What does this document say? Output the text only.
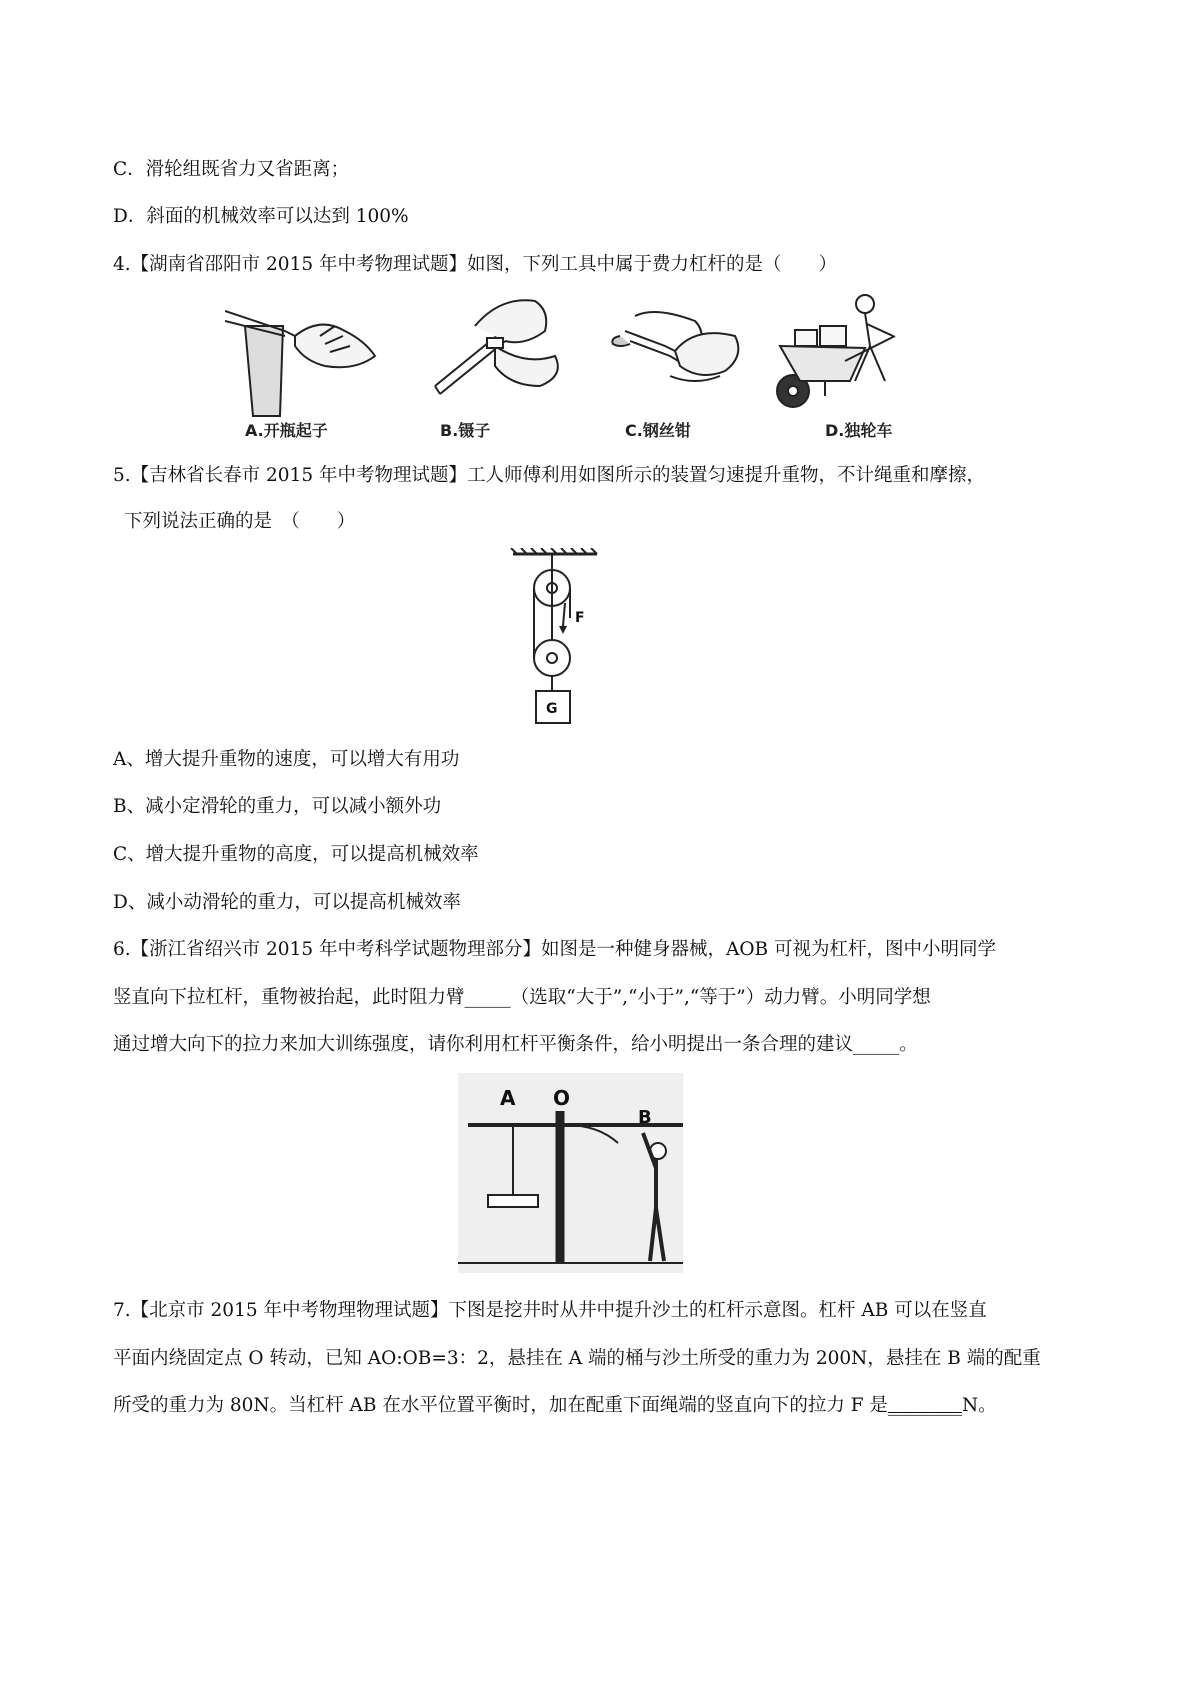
C．滑轮组既省力又省距离；
D．斜面的机械效率可以达到 100%
4.【湖南省邵阳市 2015 年中考物理试题】如图，下列工具中属于费力杠杆的是（　　）
A.开瓶起子	B.镊子	C.钢丝钳	D.独轮车
5.【吉林省长春市 2015 年中考物理试题】工人师傅利用如图所示的装置匀速提升重物，不计绳重和摩擦，
下列说法正确的是　（　　）
F
G
A、增大提升重物的速度，可以增大有用功
B、减小定滑轮的重力，可以减小额外功
C、增大提升重物的高度，可以提高机械效率
D、减小动滑轮的重力，可以提高机械效率
6.【浙江省绍兴市 2015 年中考科学试题物理部分】如图是一种健身器械，AOB 可视为杠杆，图中小明同学
竖直向下拉杠杆，重物被抬起，此时阻力臂_____（选取“大于”,“小于”,“等于”）动力臂。小明同学想
通过增大向下的拉力来加大训练强度，请你利用杠杆平衡条件，给小明提出一条合理的建议_____。
A O
B
7.【北京市 2015 年中考物理物理试题】下图是挖井时从井中提升沙土的杠杆示意图。杠杆 AB 可以在竖直
平面内绕固定点 O 转动，已知 AO:OB=3：2，悬挂在 A 端的桶与沙土所受的重力为 200N，悬挂在 B 端的配重
所受的重力为 80N。当杠杆 AB 在水平位置平衡时，加在配重下面绳端的竖直向下的拉力 F 是________N。
